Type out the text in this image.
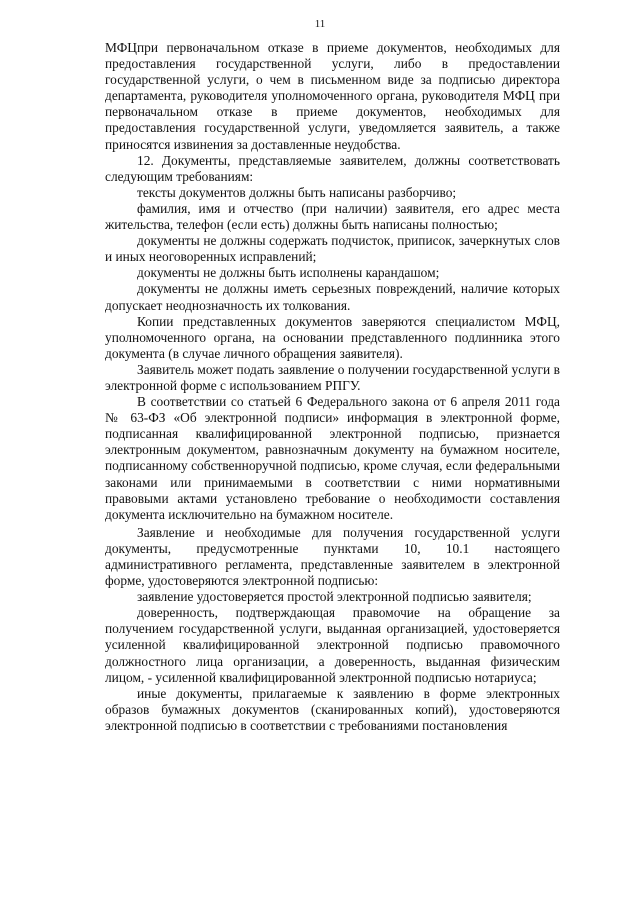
11

МФЦпри первоначальном отказе в приеме документов, необходимых для предоставления государственной услуги, либо в предоставлении государственной услуги, о чем в письменном виде за подписью директора департамента, руководителя уполномоченного органа, руководителя МФЦ при первоначальном отказе в приеме документов, необходимых для предоставления государственной услуги, уведомляется заявитель, а также приносятся извинения за доставленные неудобства.

12. Документы, представляемые заявителем, должны соответствовать следующим требованиям:

тексты документов должны быть написаны разборчиво;

фамилия, имя и отчество (при наличии) заявителя, его адрес места жительства, телефон (если есть) должны быть написаны полностью;

документы не должны содержать подчисток, приписок, зачеркнутых слов и иных неоговоренных исправлений;

документы не должны быть исполнены карандашом;

документы не должны иметь серьезных повреждений, наличие которых допускает неоднозначность их толкования.

Копии представленных документов заверяются специалистом МФЦ, уполномоченного органа, на основании представленного подлинника этого документа (в случае личного обращения заявителя).

Заявитель может подать заявление о получении государственной услуги в электронной форме с использованием РПГУ.

В соответствии со статьей 6 Федерального закона от 6 апреля 2011 года № 63-ФЗ «Об электронной подписи» информация в электронной форме, подписанная квалифицированной электронной подписью, признается электронным документом, равнозначным документу на бумажном носителе, подписанному собственноручной подписью, кроме случая, если федеральными законами или принимаемыми в соответствии с ними нормативными правовыми актами установлено требование о необходимости составления документа исключительно на бумажном носителе.

Заявление и необходимые для получения государственной услуги документы, предусмотренные пунктами 10, 10.1 настоящего административного регламента, представленные заявителем в электронной форме, удостоверяются электронной подписью:

заявление удостоверяется простой электронной подписью заявителя;

доверенность, подтверждающая правомочие на обращение за получением государственной услуги, выданная организацией, удостоверяется усиленной квалифицированной электронной подписью правомочного должностного лица организации, а доверенность, выданная физическим лицом, - усиленной квалифицированной электронной подписью нотариуса;

иные документы, прилагаемые к заявлению в форме электронных образов бумажных документов (сканированных копий), удостоверяются электронной подписью в соответствии с требованиями постановления
